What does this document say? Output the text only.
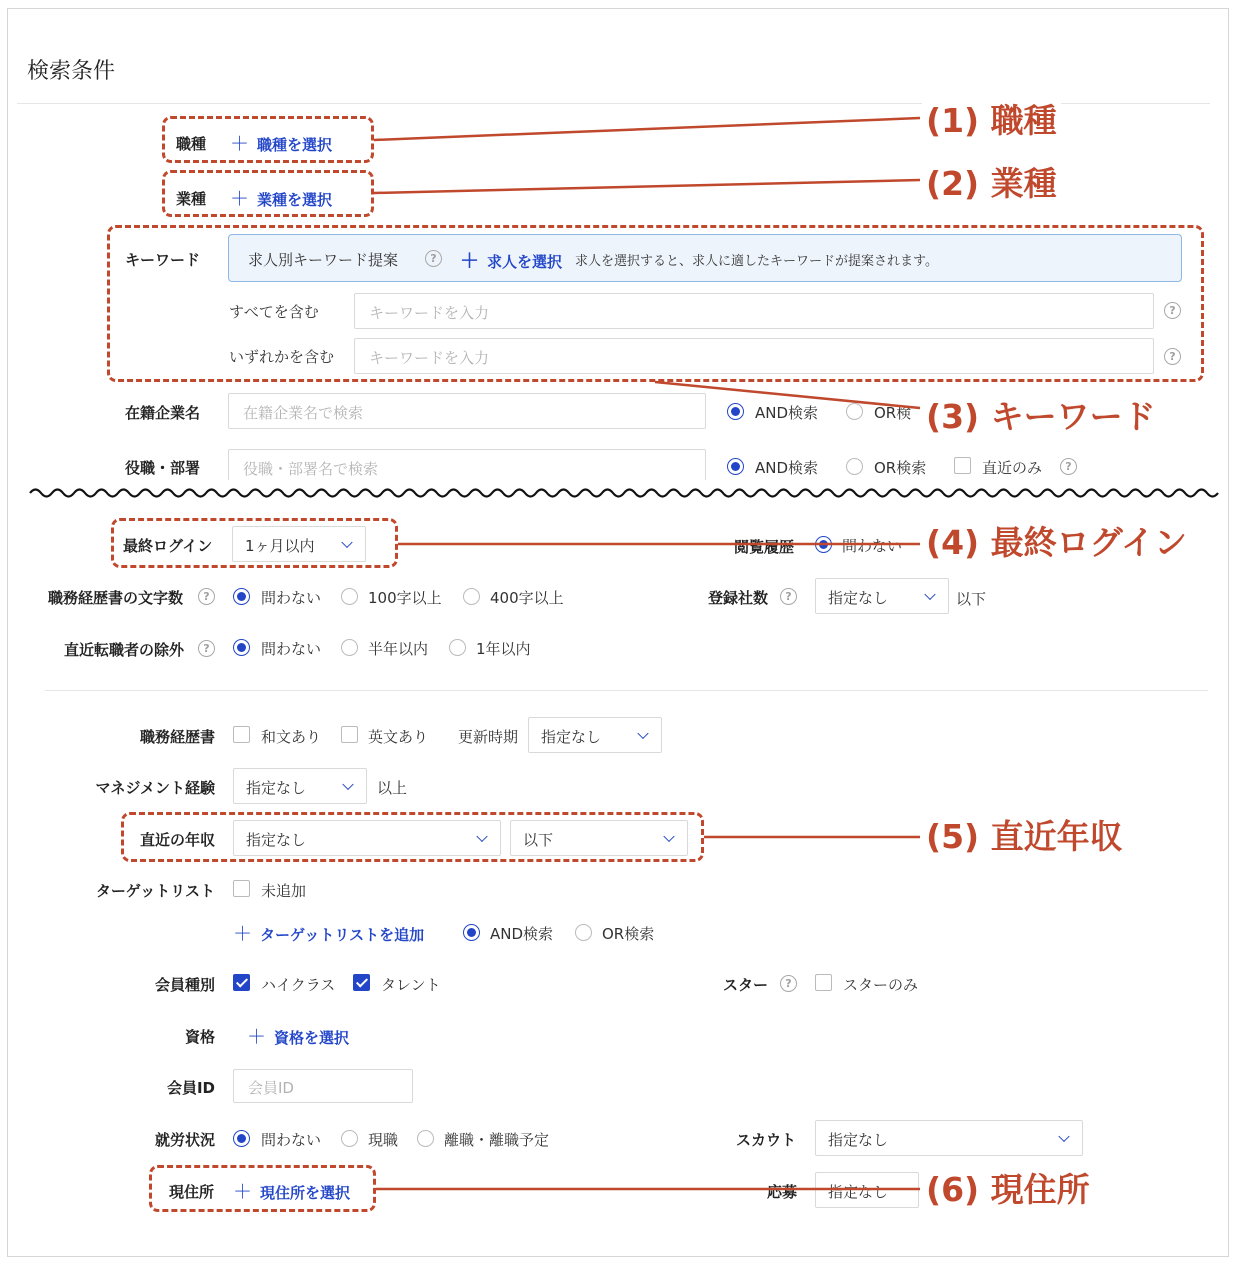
検索条件
職種 ＋ 職種を選択
業種 ＋ 業種を選択
キーワード	求人別キーワード提案	? ＋ 求人を選択 求人を選択すると、求人に適したキーワードが提案されます。
すべてを含む	キーワードを入力	?
いずれかを含む	キーワードを入力	?
在籍企業名	在籍企業名で検索	AND検索	OR検
役職・部署	役職・部署名で検索	AND検索	OR検索	直近のみ	?
最終ログイン	1ヶ月以内	閲覧履歴	問わない
職務経歴書の文字数	?	問わない	100字以上	400字以上	登録社数	?	指定なし	以下
直近転職者の除外	?	問わない	半年以内	1年以内
職務経歴書	和文あり	英文あり 更新時期	指定なし
マネジメント経験	指定なし	以上
直近の年収	指定なし	以下
ターゲットリスト	未追加
＋ ターゲットリストを追加	AND検索	OR検索
会員種別	ハイクラス	タレント	スター	?	スターのみ
資格 ＋ 資格を選択
会員ID	会員ID
就労状況	問わない	現職	離職・離職予定	スカウト	指定なし
現住所 ＋ 現住所を選択	応募	指定なし
(1) 職種
(2) 業種
(3) キーワード
(4) 最終ログイン
(5) 直近年収
(6) 現住所
